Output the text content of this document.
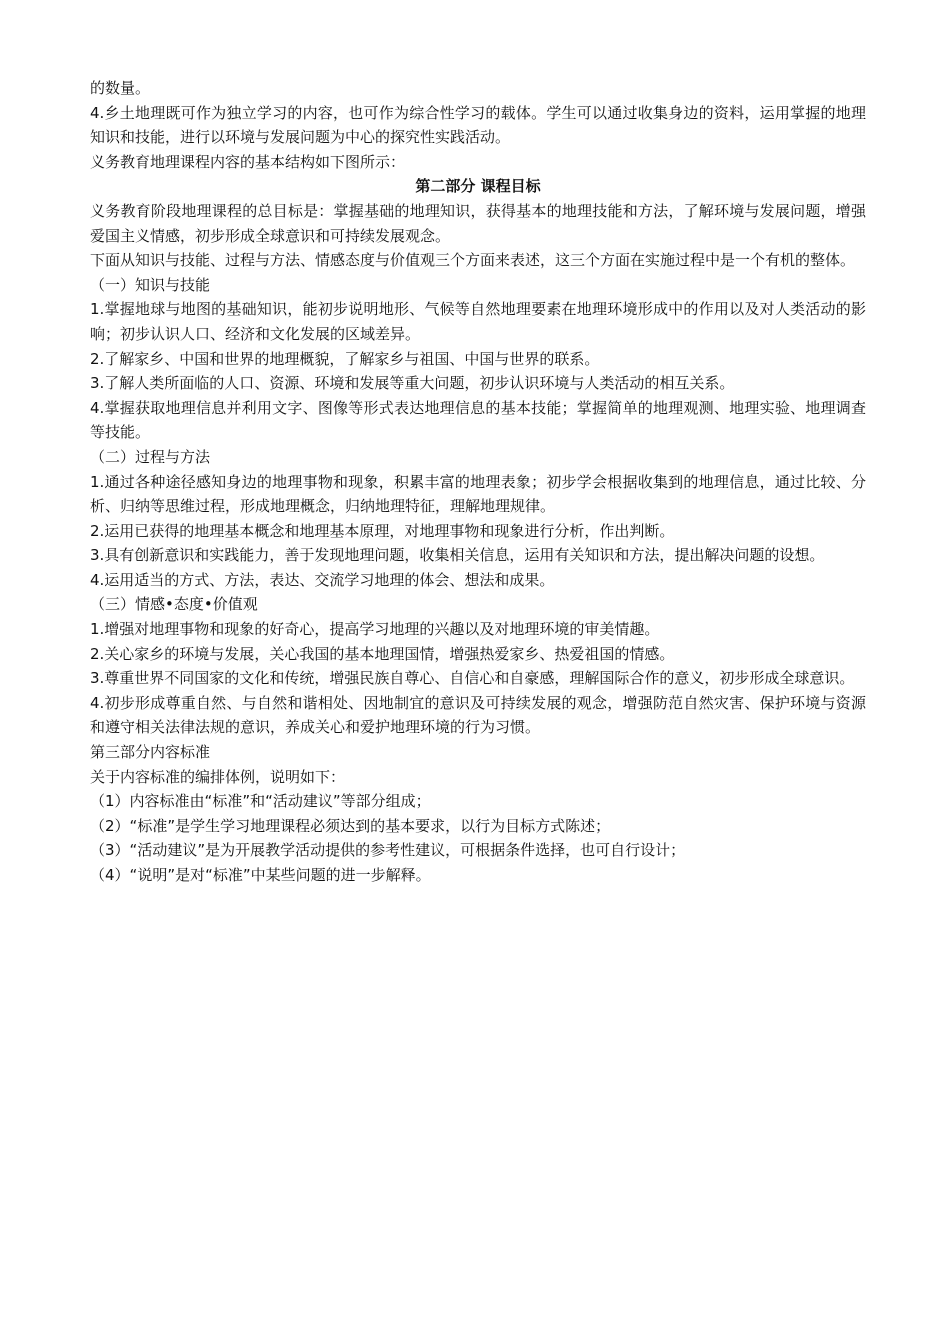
的数量。

4.乡土地理既可作为独立学习的内容，也可作为综合性学习的载体。学生可以通过收集身边的资料，运用掌握的地理知识和技能，进行以环境与发展问题为中心的探究性实践活动。

义务教育地理课程内容的基本结构如下图所示：

第二部分 课程目标

义务教育阶段地理课程的总目标是：掌握基础的地理知识，获得基本的地理技能和方法，了解环境与发展问题，增强爱国主义情感，初步形成全球意识和可持续发展观念。

下面从知识与技能、过程与方法、情感态度与价值观三个方面来表述，这三个方面在实施过程中是一个有机的整体。

（一）知识与技能

1.掌握地球与地图的基础知识，能初步说明地形、气候等自然地理要素在地理环境形成中的作用以及对人类活动的影响；初步认识人口、经济和文化发展的区域差异。

2.了解家乡、中国和世界的地理概貌，了解家乡与祖国、中国与世界的联系。

3.了解人类所面临的人口、资源、环境和发展等重大问题，初步认识环境与人类活动的相互关系。

4.掌握获取地理信息并利用文字、图像等形式表达地理信息的基本技能；掌握简单的地理观测、地理实验、地理调查等技能。

（二）过程与方法

1.通过各种途径感知身边的地理事物和现象，积累丰富的地理表象；初步学会根据收集到的地理信息，通过比较、分析、归纳等思维过程，形成地理概念，归纳地理特征，理解地理规律。

2.运用已获得的地理基本概念和地理基本原理，对地理事物和现象进行分析，作出判断。

3.具有创新意识和实践能力，善于发现地理问题，收集相关信息，运用有关知识和方法，提出解决问题的设想。

4.运用适当的方式、方法，表达、交流学习地理的体会、想法和成果。

（三）情感•态度•价值观

1.增强对地理事物和现象的好奇心，提高学习地理的兴趣以及对地理环境的审美情趣。

2.关心家乡的环境与发展，关心我国的基本地理国情，增强热爱家乡、热爱祖国的情感。

3.尊重世界不同国家的文化和传统，增强民族自尊心、自信心和自豪感，理解国际合作的意义，初步形成全球意识。

4.初步形成尊重自然、与自然和谐相处、因地制宜的意识及可持续发展的观念，增强防范自然灾害、保护环境与资源和遵守相关法律法规的意识，养成关心和爱护地理环境的行为习惯。

第三部分内容标准

关于内容标准的编排体例，说明如下：

（1）内容标准由“标准”和“活动建议”等部分组成；

（2）“标准”是学生学习地理课程必须达到的基本要求，以行为目标方式陈述；

（3）“活动建议”是为开展教学活动提供的参考性建议，可根据条件选择，也可自行设计；

（4）“说明”是对“标准”中某些问题的进一步解释。
